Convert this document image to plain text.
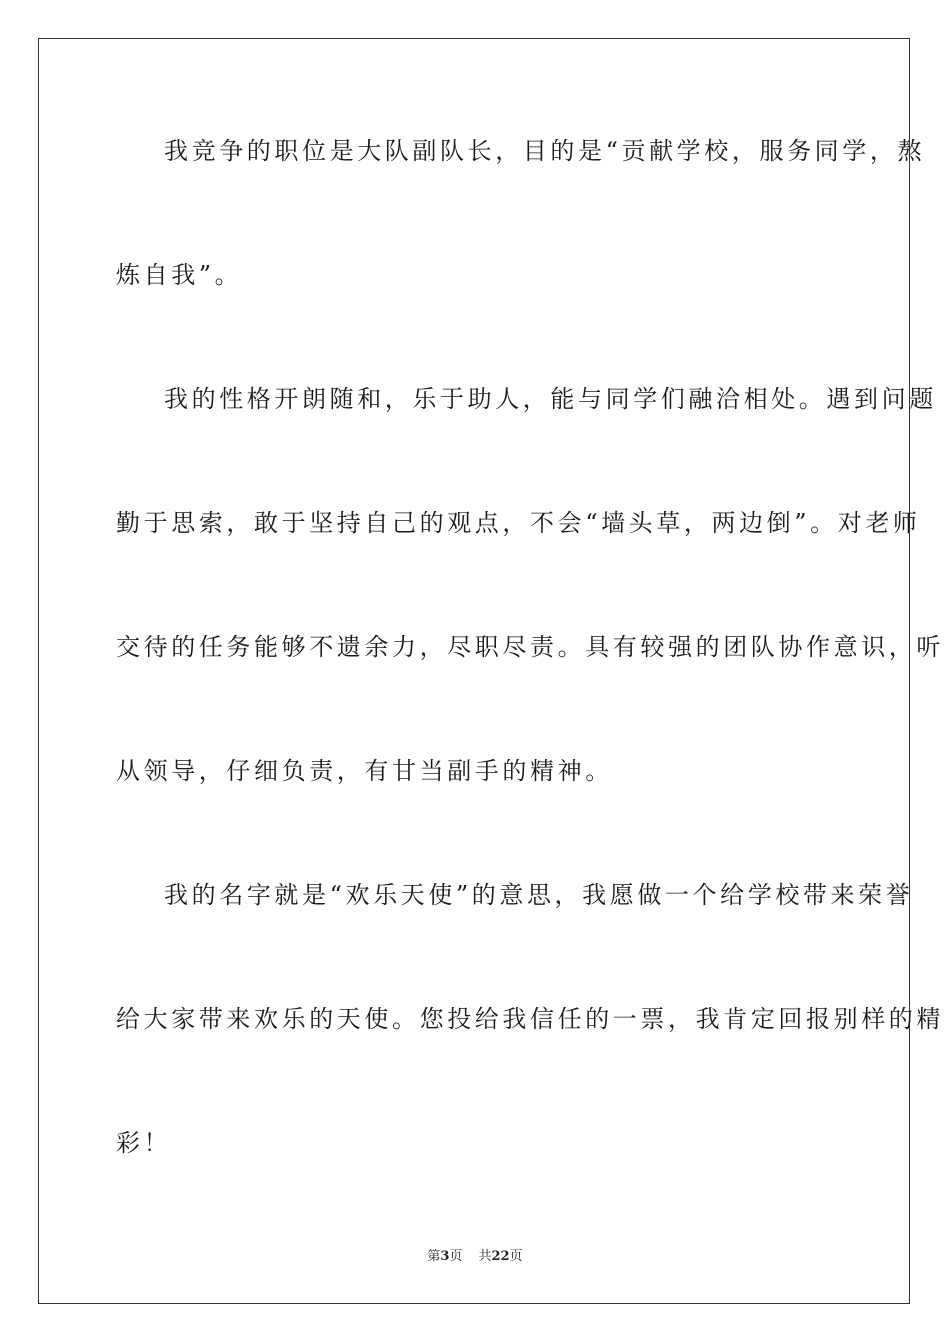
我竞争的职位是大队副队长，目的是“贡献学校，服务同学，熬
炼自我”。
我的性格开朗随和，乐于助人，能与同学们融洽相处。遇到问题
勤于思索，敢于坚持自己的观点，不会“墙头草，两边倒”。对老师
交待的任务能够不遗余力，尽职尽责。具有较强的团队协作意识，听
从领导，仔细负责，有甘当副手的精神。
我的名字就是“欢乐天使”的意思，我愿做一个给学校带来荣誉
给大家带来欢乐的天使。您投给我信任的一票，我肯定回报别样的精
彩！
第3页 共22页
